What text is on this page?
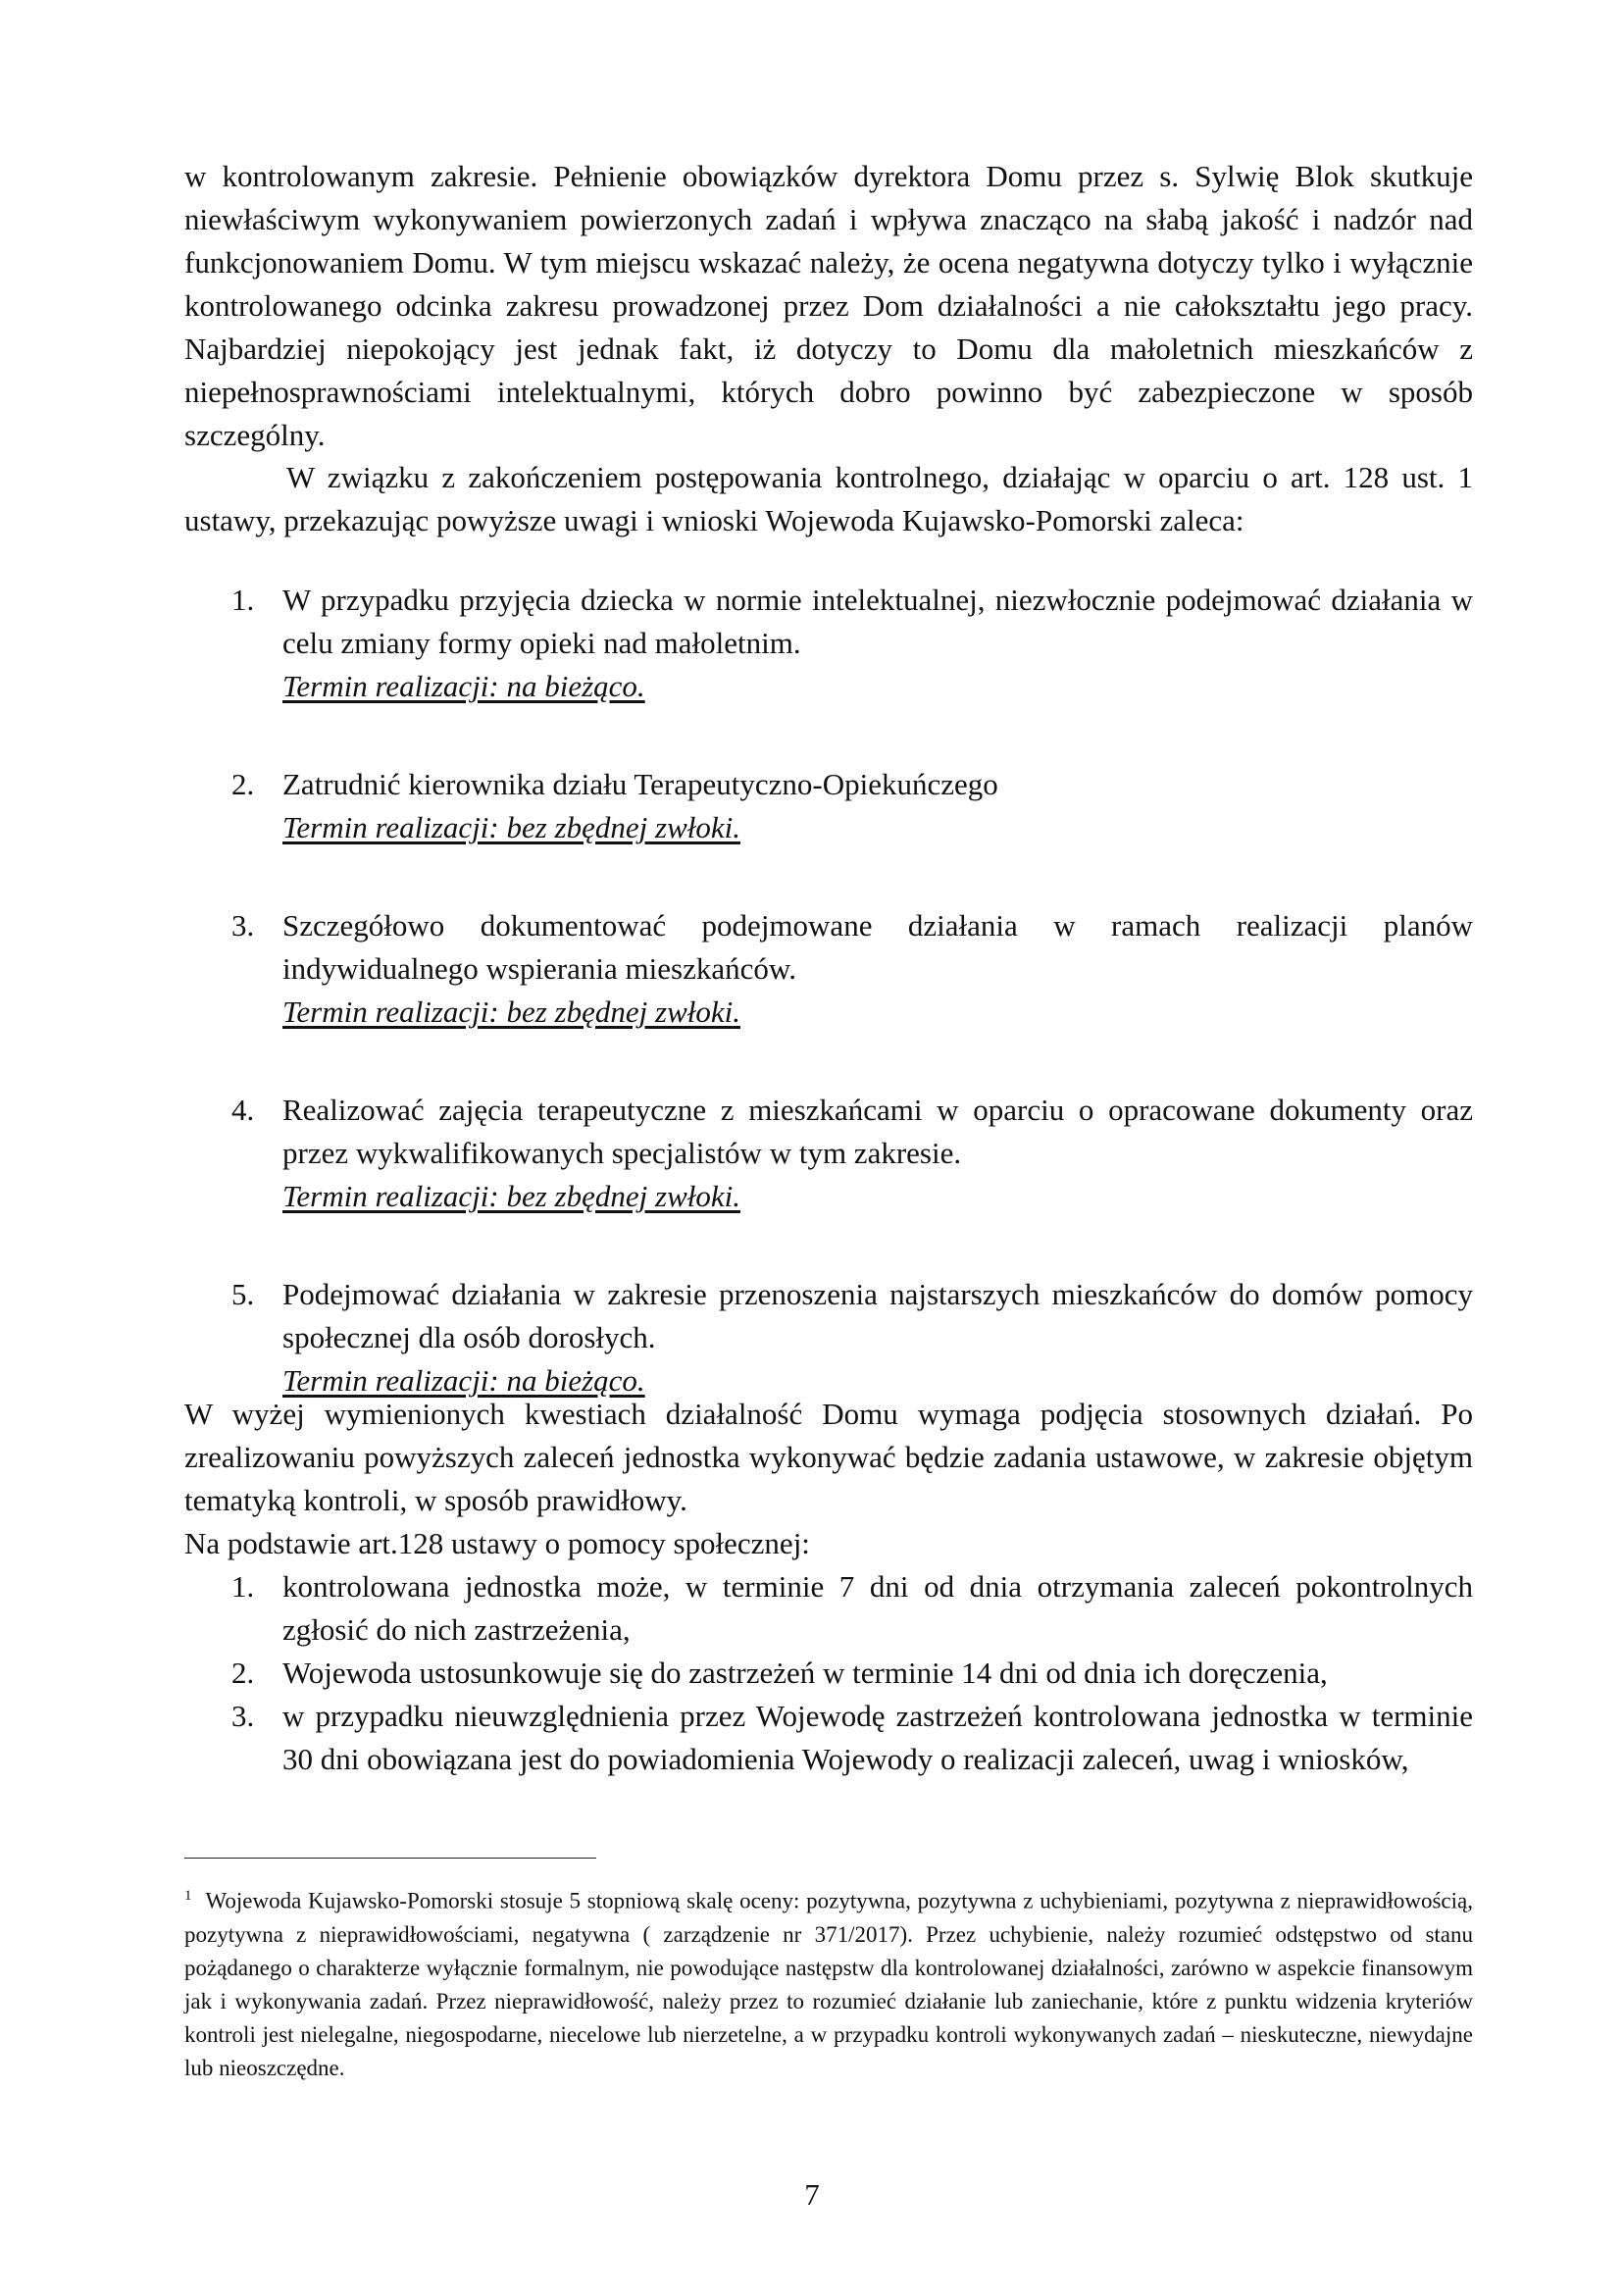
w kontrolowanym zakresie. Pełnienie obowiązków dyrektora Domu przez s. Sylwię Blok skutkuje niewłaściwym wykonywaniem powierzonych zadań i wpływa znacząco na słabą jakość i nadzór nad funkcjonowaniem Domu. W tym miejscu wskazać należy, że ocena negatywna dotyczy tylko i wyłącznie kontrolowanego odcinka zakresu prowadzonej przez Dom działalności a nie całokształtu jego pracy. Najbardziej niepokojący jest jednak fakt, iż dotyczy to Domu dla małoletnich mieszkańców z niepełnosprawnościami intelektualnymi, których dobro powinno być zabezpieczone w sposób szczególny.

W związku z zakończeniem postępowania kontrolnego, działając w oparciu o art. 128 ust. 1 ustawy, przekazując powyższe uwagi i wnioski Wojewoda Kujawsko-Pomorski zaleca:

1. W przypadku przyjęcia dziecka w normie intelektualnej, niezwłocznie podejmować działania w celu zmiany formy opieki nad małoletnim.
Termin realizacji: na bieżąco.
2. Zatrudnić kierownika działu Terapeutyczno-Opiekuńczego
Termin realizacji: bez zbędnej zwłoki.
3. Szczegółowo dokumentować podejmowane działania w ramach realizacji planów indywidualnego wspierania mieszkańców.
Termin realizacji: bez zbędnej zwłoki.
4. Realizować zajęcia terapeutyczne z mieszkańcami w oparciu o opracowane dokumenty oraz przez wykwalifikowanych specjalistów w tym zakresie.
Termin realizacji: bez zbędnej zwłoki.
5. Podejmować działania w zakresie przenoszenia najstarszych mieszkańców do domów pomocy społecznej dla osób dorosłych.
Termin realizacji: na bieżąco.
W wyżej wymienionych kwestiach działalność Domu wymaga podjęcia stosownych działań. Po zrealizowaniu powyższych zaleceń jednostka wykonywać będzie zadania ustawowe, w zakresie objętym tematyką kontroli, w sposób prawidłowy.
Na podstawie art.128 ustawy o pomocy społecznej:
1. kontrolowana jednostka może, w terminie 7 dni od dnia otrzymania zaleceń pokontrolnych zgłosić do nich zastrzeżenia,
2. Wojewoda ustosunkowuje się do zastrzeżeń w terminie 14 dni od dnia ich doręczenia,
3. w przypadku nieuwzględnienia przez Wojewodę zastrzeżeń kontrolowana jednostka w terminie 30 dni obowiązana jest do powiadomienia Wojewody o realizacji zaleceń, uwag i wniosków,
$^1$ Wojewoda Kujawsko-Pomorski stosuje 5 stopniową skalę oceny: pozytywna, pozytywna z uchybieniami, pozytywna z nieprawidłowością, pozytywna z nieprawidłowościami, negatywna ( zarządzenie nr 371/2017). Przez uchybienie, należy rozumieć odstępstwo od stanu pożądanego o charakterze wyłącznie formalnym, nie powodujące następstw dla kontrolowanej działalności, zarówno w aspekcie finansowym jak i wykonywania zadań. Przez nieprawidłowość, należy przez to rozumieć działanie lub zaniechanie, które z punktu widzenia kryteriów kontroli jest nielegalne, niegospodarne, niecelowe lub nierzetelne, a w przypadku kontroli wykonywanych zadań – nieskuteczne, niewydajne lub nieoszczędne.
7
